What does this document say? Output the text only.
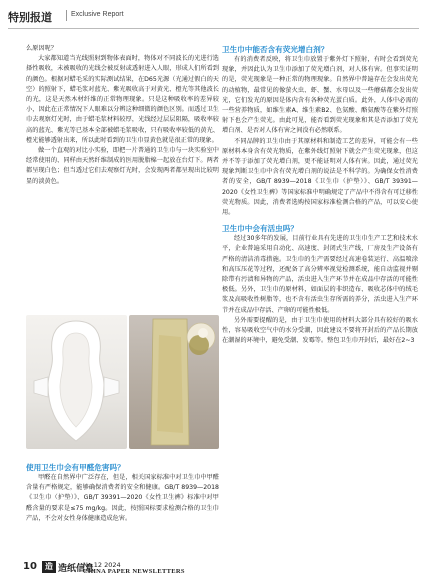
特别报道	Exclusive Report

么原因呢？

大家都知道当光线照射到物体表面时，物体对不同波长的光进行选择性吸收，未被吸收的光线会被反射或透射进入人眼，形成人们所看到的颜色。根据对蜡毛采的实际测试结果，在D65光源（光通过假白的天空）的照射下，蜡毛浆对蓝光、紫光吸收高于对黄光、橙光等其他波长的光，这是天然木材纤维的正常物理现象。只是这种吸收率的差异较小，因此在正常情况下人眼难以分辨这种细微的颜色区别。而透过卫生巾去观察灯光时，由于蜡毛浆材料较厚，光线经过层层阻隔，吸收率较高的蓝光、紫光等已基本全部被蜡毛浆吸收，只有吸收率较低的黄光、橙光能够透射出来，所以此时看到的卫生巾显黄色就是很正常的现象。

做一个直观的对比小实验，即把一片普通的卫生巾与一块实验室中经常使用的、同样由天然纤维制成的医用脱脂棉一起放在台灯下。两者都呈现白色；但当透过它们去观察灯光时，会发现两者都呈现出比较明显的淡黄色。

使用卫生巾会有甲醛危害吗？

甲醛在自然界中广泛存在，但是，相关国家标准中对卫生巾中甲醛含量有严格规定，能够确保消费者的安全和健康。GB/T 8939—2018《卫生巾（护垫）》、GB/T 39391—2020《女性卫生裤》标准中对甲醛含量的要求是≤75 mg/kg。因此，按照国标要求检测合格的卫生巾产品，不会对女性身体健康造成危害。

卫生巾中能否含有荧光增白剂？

有的消费者反映，将卫生巾放置于紫外灯下照射，有时会看到荧光现象，并因此认为卫生巾添加了荧光增白剂，对人体有害。但事实证明的是，荧光现象是一种正常的物理现象。自然界中普遍存在会发出荧光的动植物，最常见的像萤火虫、虾、蟹、水母以及一些蘑菇都会发出荧光，它们发光的原因是体内含有各种荧光蛋白质。此外，人体中必需的一些营养物质，如维生素A、维生素B2、色氨酸、酪氨酸等在紫外灯照射下也会产生荧光。由此可见，能否看到荧光现象和其是否添加了荧光增白剂、是否对人体有害之间没有必然联系。

不同品牌的卫生巾由于其原材料和制造工艺的差异，可能会有一些原材料本身含有荧光物质，在紫外线灯照射下就会产生荧光现象，但这并不等于添加了荧光增白剂，更不能证明对人体有害。因此，通过荧光现象判断卫生巾中含有荧光增白剂的说法是不科学的。为确保女性消费者的安全，GB/T 8939—2018《卫生巾（护垫）》、GB/T 39391—2020《女性卫生裤》等国家标准中明确规定了产品中不得含有可迁移性荧光物质。因此，消费者选购按国家标准检测合格的产品，可以安心使用。

卫生巾中会有活虫吗？

经过30多年的发展，目前行业具有先进的卫生巾生产工艺和技术水平，企业普遍采用自动化、高速度、封闭式生产线，厂房及生产设备有严格的清洁消毒措施。卫生巾的生产需要经过高速卷装运行、高温喷涂和高压压花等过程，还配备了高分辨率视觉检测系统，能自动监视并剔除带有污渍和异物的产品，活虫进入生产环节并在成品中存活的可能性极低。另外，卫生巾的原材料，如面层的非织造布、吸收芯体中的绒毛浆及高吸收性树脂等，也不含有活虫生存所需的养分，活虫进入生产环节并在成品中存活、产卵的可能性极低。

另外需要提醒的是，由于卫生巾使用的材料大部分具有较好的吸水性，容易吸收空气中的水分受潮，因此建议不要将开封后的产品长期放在潮湿的环境中，避免受潮、发霉等。整包卫生巾开封后，最好在2~3

10	造 造纸信息
No.12 2024
CHINA PAPER NEWSLETTERS
